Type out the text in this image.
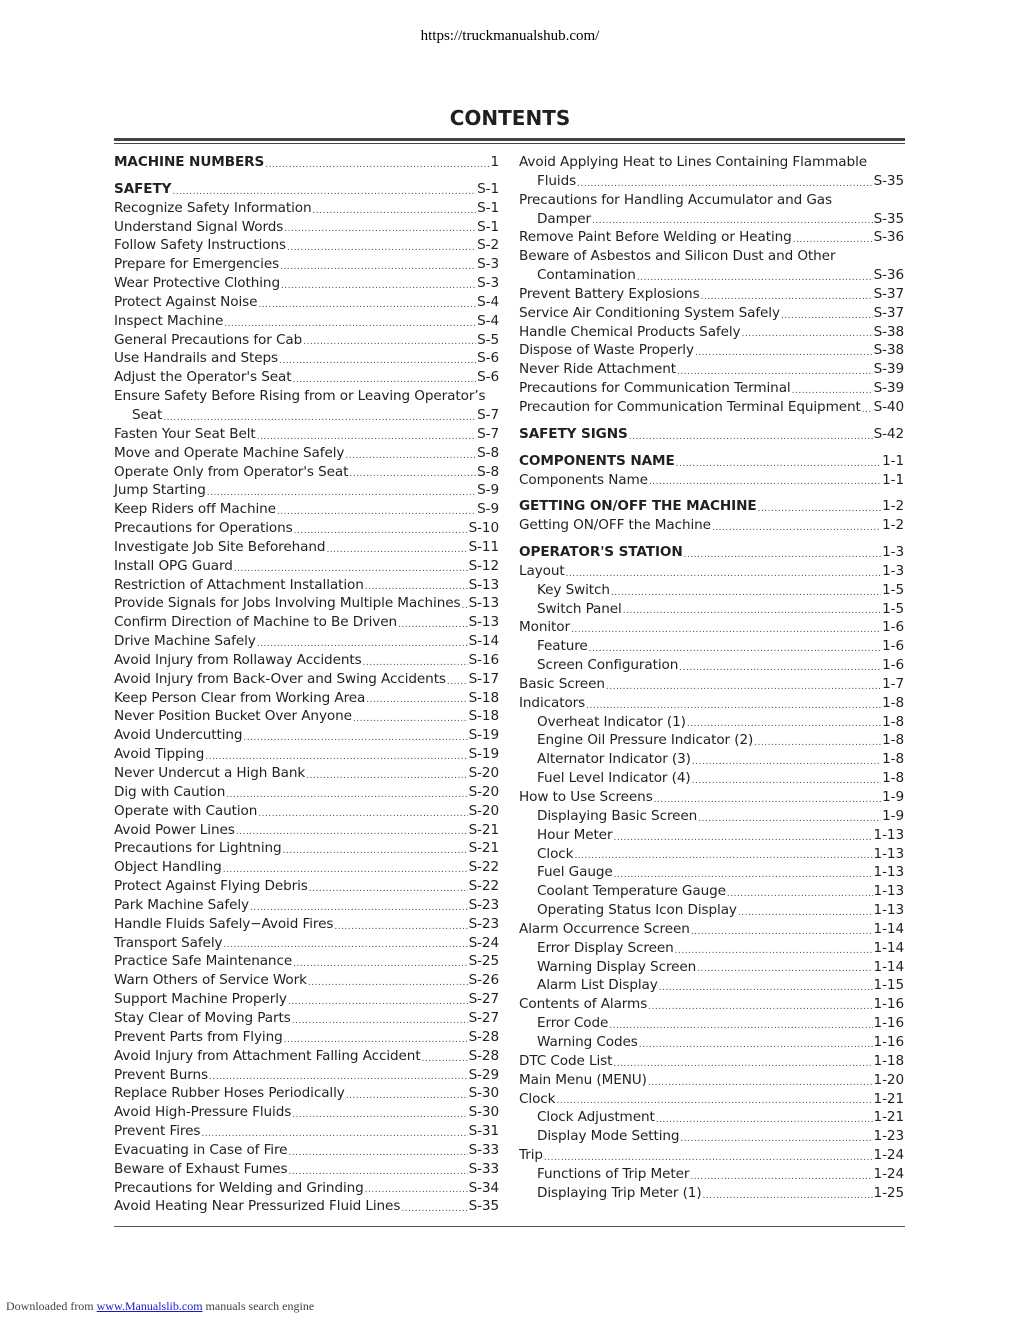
https://truckmanualshub.com/
CONTENTS
MACHINE NUMBERS .....	1
SAFETY .....	S-1
Recognize Safety Information .....	S-1
Understand Signal Words .....	S-1
Follow Safety Instructions .....	S-2
Prepare for Emergencies .....	S-3
Wear Protective Clothing .....	S-3
Protect Against Noise .....	S-4
Inspect Machine .....	S-4
General Precautions for Cab .....	S-5
Use Handrails and Steps .....	S-6
Adjust the Operator's Seat .....	S-6
Ensure Safety Before Rising from or Leaving Operator’s
Seat .....	S-7
Fasten Your Seat Belt .....	S-7
Move and Operate Machine Safely .....	S-8
Operate Only from Operator's Seat .....	S-8
Jump Starting .....	S-9
Keep Riders off Machine .....	S-9
Precautions for Operations .....	S-10
Investigate Job Site Beforehand .....	S-11
Install OPG Guard .....	S-12
Restriction of Attachment Installation .....	S-13
Provide Signals for Jobs Involving Multiple Machines ..... S-13
Confirm Direction of Machine to Be Driven .....	S-13
Drive Machine Safely .....	S-14
Avoid Injury from Rollaway Accidents .....	S-16
Avoid Injury from Back-Over and Swing Accidents ..... S-17
Keep Person Clear from Working Area .....	S-18
Never Position Bucket Over Anyone .....	S-18
Avoid Undercutting .....	S-19
Avoid Tipping .....	S-19
Never Undercut a High Bank .....	S-20
Dig with Caution .....	S-20
Operate with Caution .....	S-20
Avoid Power Lines .....	S-21
Precautions for Lightning .....	S-21
Object Handling .....	S-22
Protect Against Flying Debris .....	S-22
Park Machine Safely .....	S-23
Handle Fluids Safely−Avoid Fires .....	S-23
Transport Safely .....	S-24
Practice Safe Maintenance .....	S-25
Warn Others of Service Work .....	S-26
Support Machine Properly .....	S-27
Stay Clear of Moving Parts .....	S-27
Prevent Parts from Flying .....	S-28
Avoid Injury from Attachment Falling Accident .....	S-28
Prevent Burns .....	S-29
Replace Rubber Hoses Periodically .....	S-30
Avoid High-Pressure Fluids .....	S-30
Prevent Fires .....	S-31
Evacuating in Case of Fire .....	S-33
Beware of Exhaust Fumes .....	S-33
Precautions for Welding and Grinding .....	S-34
Avoid Heating Near Pressurized Fluid Lines .....	S-35
Avoid Applying Heat to Lines Containing Flammable
Fluids .....	S-35
Precautions for Handling Accumulator and Gas
Damper .....	S-35
Remove Paint Before Welding or Heating .....	S-36
Beware of Asbestos and Silicon Dust and Other
Contamination .....	S-36
Prevent Battery Explosions .....	S-37
Service Air Conditioning System Safely .....	S-37
Handle Chemical Products Safely .....	S-38
Dispose of Waste Properly .....	S-38
Never Ride Attachment .....	S-39
Precautions for Communication Terminal .....	S-39
Precaution for Communication Terminal Equipment ..... S-40
SAFETY SIGNS .....	S-42
COMPONENTS NAME .....	1-1
Components Name .....	1-1
GETTING ON/OFF THE MACHINE .....	1-2
Getting ON/OFF the Machine .....	1-2
OPERATOR'S STATION .....	1-3
Layout .....	1-3
Key Switch .....	1-5
Switch Panel .....	1-5
Monitor .....	1-6
Feature .....	1-6
Screen Configuration .....	1-6
Basic Screen .....	1-7
Indicators .....	1-8
Overheat Indicator (1) .....	1-8
Engine Oil Pressure Indicator (2) .....	1-8
Alternator Indicator (3) .....	1-8
Fuel Level Indicator (4) .....	1-8
How to Use Screens .....	1-9
Displaying Basic Screen .....	1-9
Hour Meter .....	1-13
Clock .....	1-13
Fuel Gauge .....	1-13
Coolant Temperature Gauge .....	1-13
Operating Status Icon Display .....	1-13
Alarm Occurrence Screen .....	1-14
Error Display Screen .....	1-14
Warning Display Screen .....	1-14
Alarm List Display .....	1-15
Contents of Alarms .....	1-16
Error Code .....	1-16
Warning Codes .....	1-16
DTC Code List .....	1-18
Main Menu (MENU) .....	1-20
Clock .....	1-21
Clock Adjustment .....	1-21
Display Mode Setting .....	1-23
Trip .....	1-24
Functions of Trip Meter .....	1-24
Displaying Trip Meter (1) .....	1-25
Downloaded from www.Manualslib.com manuals search engine
